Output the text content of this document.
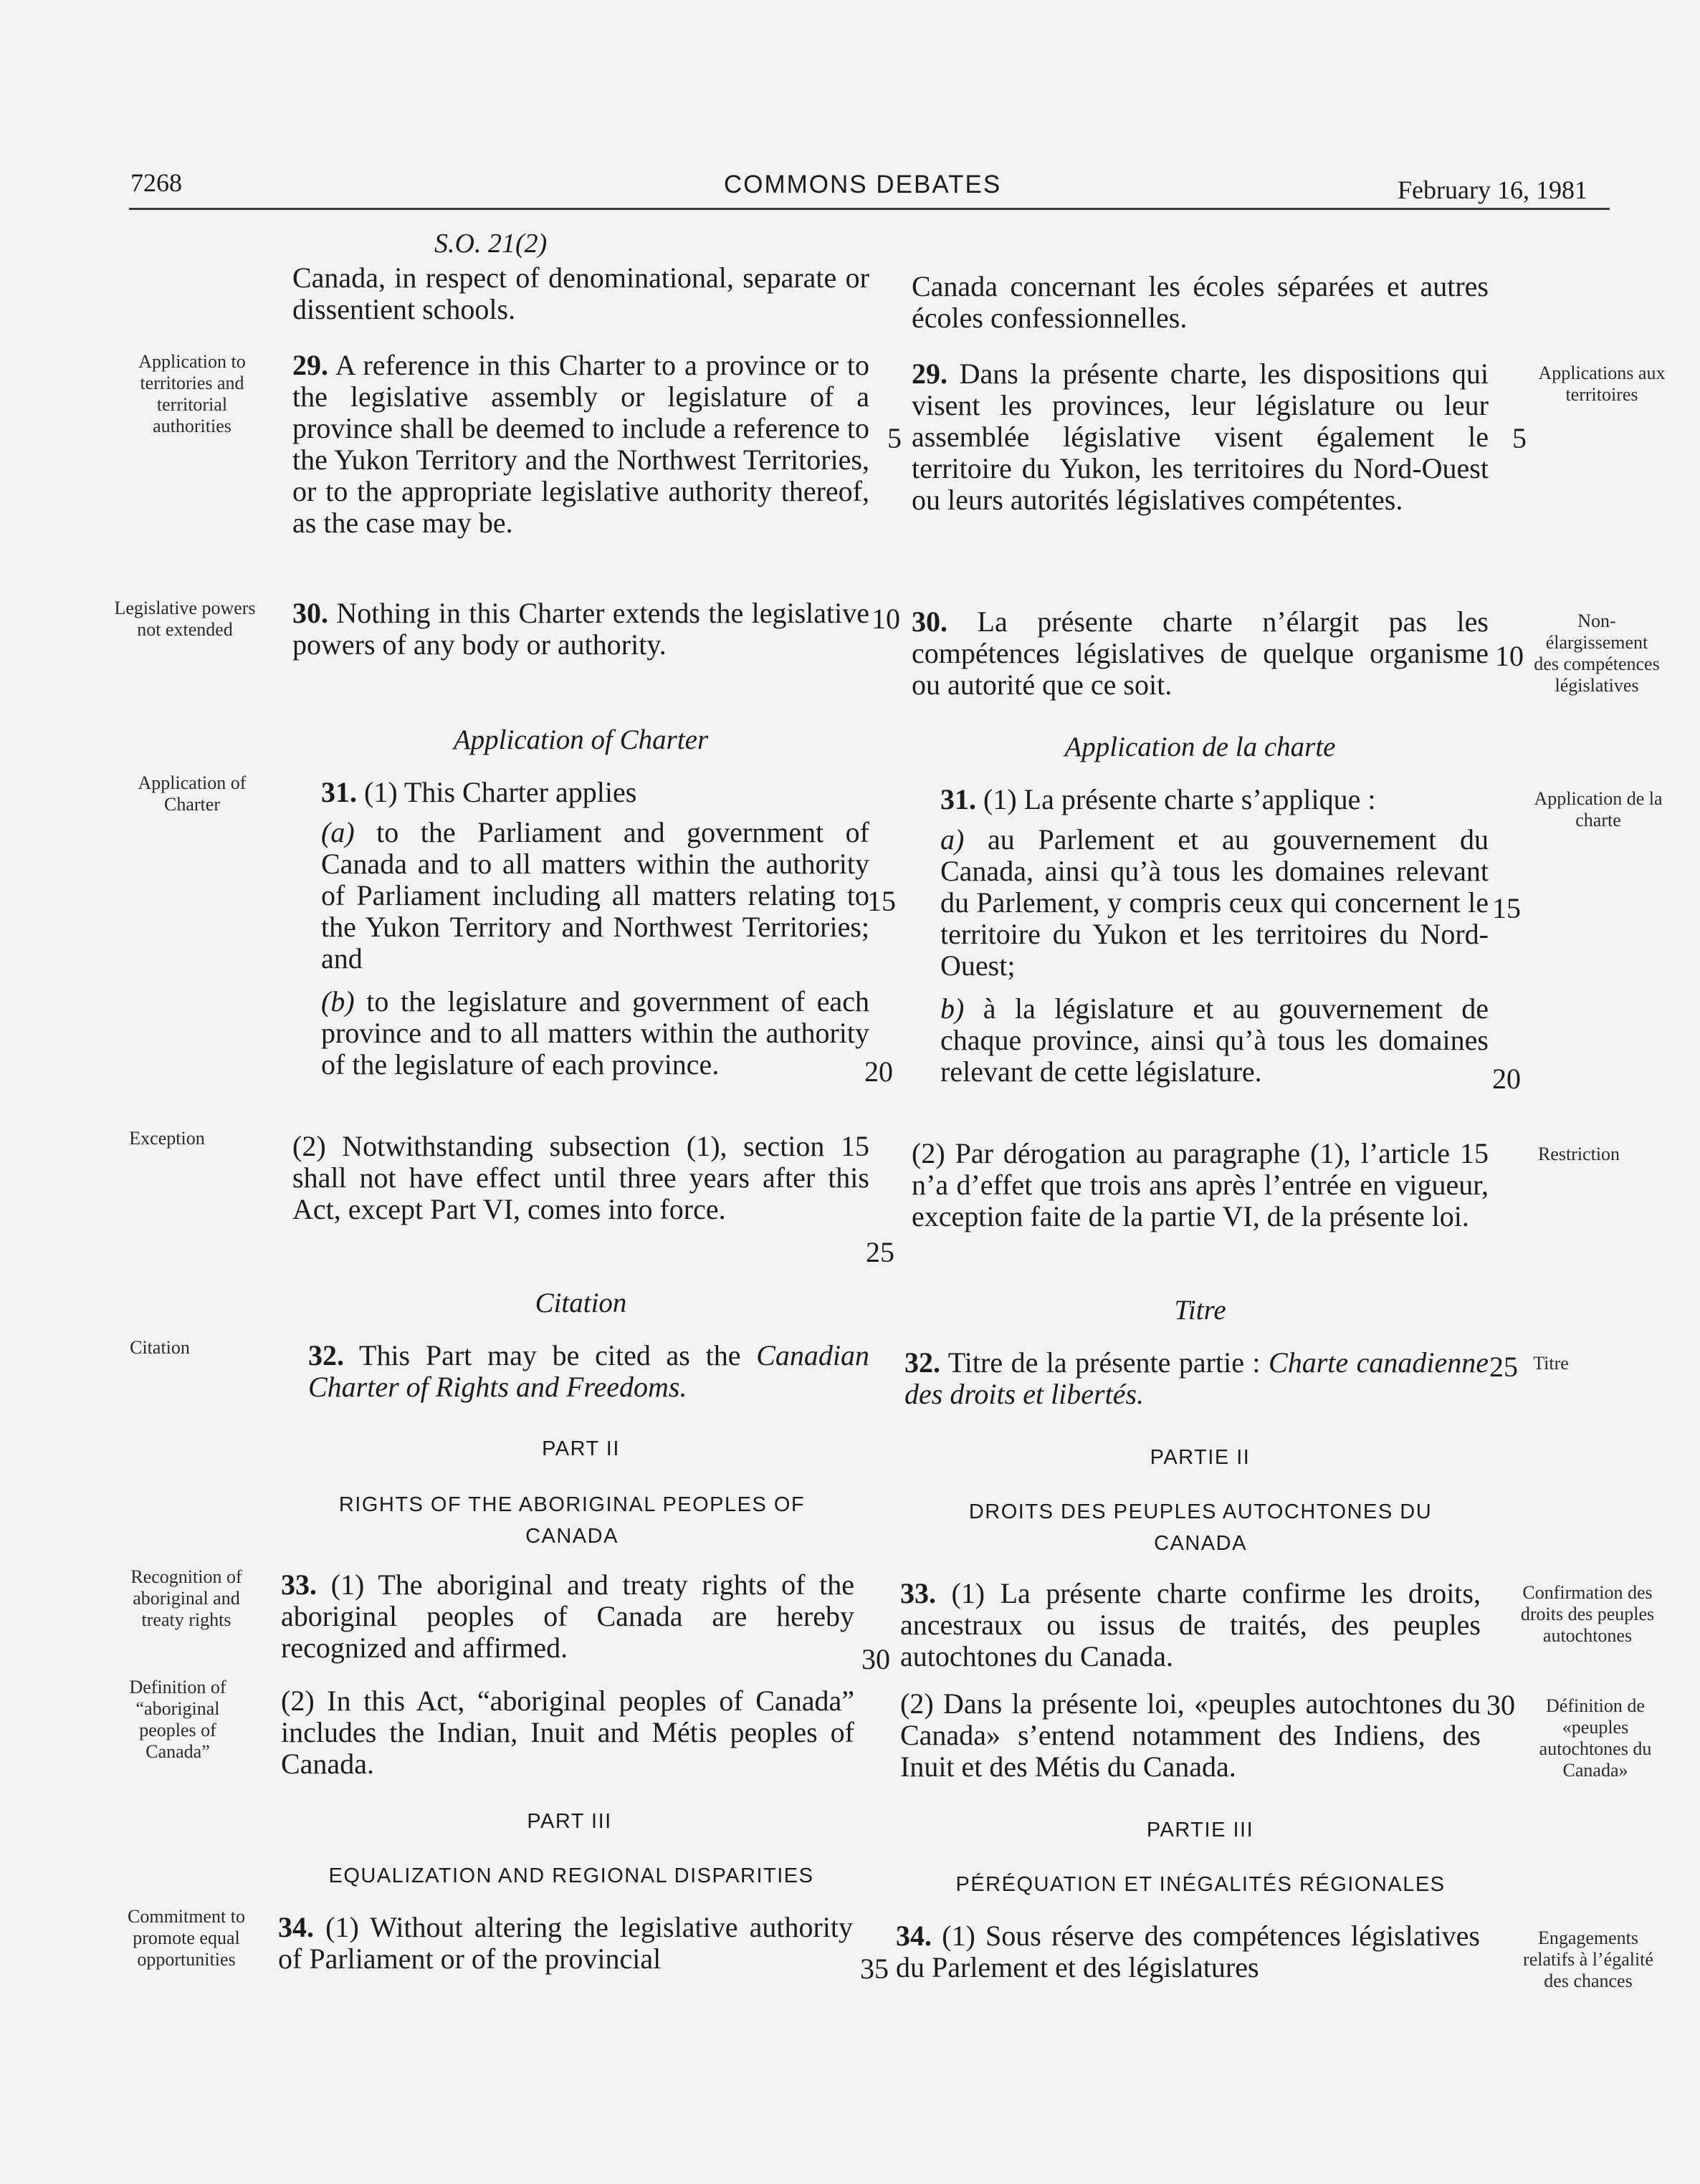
7268	COMMONS DEBATES	February 16, 1981
S.O. 21(2)
Canada, in respect of denominational, separate or dissentient schools.
29. A reference in this Charter to a province or to the legislative assembly or legislature of a province shall be deemed to include a reference to the Yukon Territory and the Northwest Territories, or to the appropriate legislative authority thereof, as the case may be.
30. Nothing in this Charter extends the legislative powers of any body or authority.
Application of Charter
31. (1) This Charter applies
(a) to the Parliament and government of Canada and to all matters within the authority of Parliament including all matters relating to the Yukon Territory and Northwest Territories; and
(b) to the legislature and government of each province and to all matters within the authority of the legislature of each province.
(2) Notwithstanding subsection (1), section 15 shall not have effect until three years after this Act, except Part VI, comes into force.
Citation
32. This Part may be cited as the Canadian Charter of Rights and Freedoms.
PART II
RIGHTS OF THE ABORIGINAL PEOPLES OF CANADA
33. (1) The aboriginal and treaty rights of the aboriginal peoples of Canada are hereby recognized and affirmed.
(2) In this Act, “aboriginal peoples of Canada” includes the Indian, Inuit and Métis peoples of Canada.
PART III
EQUALIZATION AND REGIONAL DISPARITIES
34. (1) Without altering the legislative authority of Parliament or of the provincial
Canada concernant les écoles séparées et autres écoles confessionnelles.
29. Dans la présente charte, les dispositions qui visent les provinces, leur législature ou leur assemblée législative visent également le territoire du Yukon, les territoires du Nord-Ouest ou leurs autorités législatives compétentes.
30. La présente charte n’élargit pas les compétences législatives de quelque organisme ou autorité que ce soit.
Application de la charte
31. (1) La présente charte s’applique :
a) au Parlement et au gouvernement du Canada, ainsi qu’à tous les domaines relevant du Parlement, y compris ceux qui concernent le territoire du Yukon et les territoires du Nord-Ouest;
b) à la législature et au gouvernement de chaque province, ainsi qu’à tous les domaines relevant de cette législature.
(2) Par dérogation au paragraphe (1), l’article 15 n’a d’effet que trois ans après l’entrée en vigueur, exception faite de la partie VI, de la présente loi.
Titre
32. Titre de la présente partie : Charte canadienne des droits et libertés.
PARTIE II
DROITS DES PEUPLES AUTOCHTONES DU CANADA
33. (1) La présente charte confirme les droits, ancestraux ou issus de traités, des peuples autochtones du Canada.
(2) Dans la présente loi, «peuples autochtones du Canada» s’entend notamment des Indiens, des Inuit et des Métis du Canada.
PARTIE III
PÉRÉQUATION ET INÉGALITÉS RÉGIONALES
34. (1) Sous réserve des compétences législatives du Parlement et des législatures
Application to territories and territorial authorities
Legislative powers not extended
Application of Charter
Exception
Citation
Recognition of aboriginal and treaty rights
Definition of “aboriginal peoples of Canada”
Commitment to promote equal opportunities
Applications aux territoires
Non-élargissement des compétences législatives
Application de la charte
Restriction
Titre
Confirmation des droits des peuples autochtones
Définition de «peuples autochtones du Canada»
Engagements relatifs à l’égalité des chances
5
10
15
20
25
30
35
5
10
15
20
25
30
